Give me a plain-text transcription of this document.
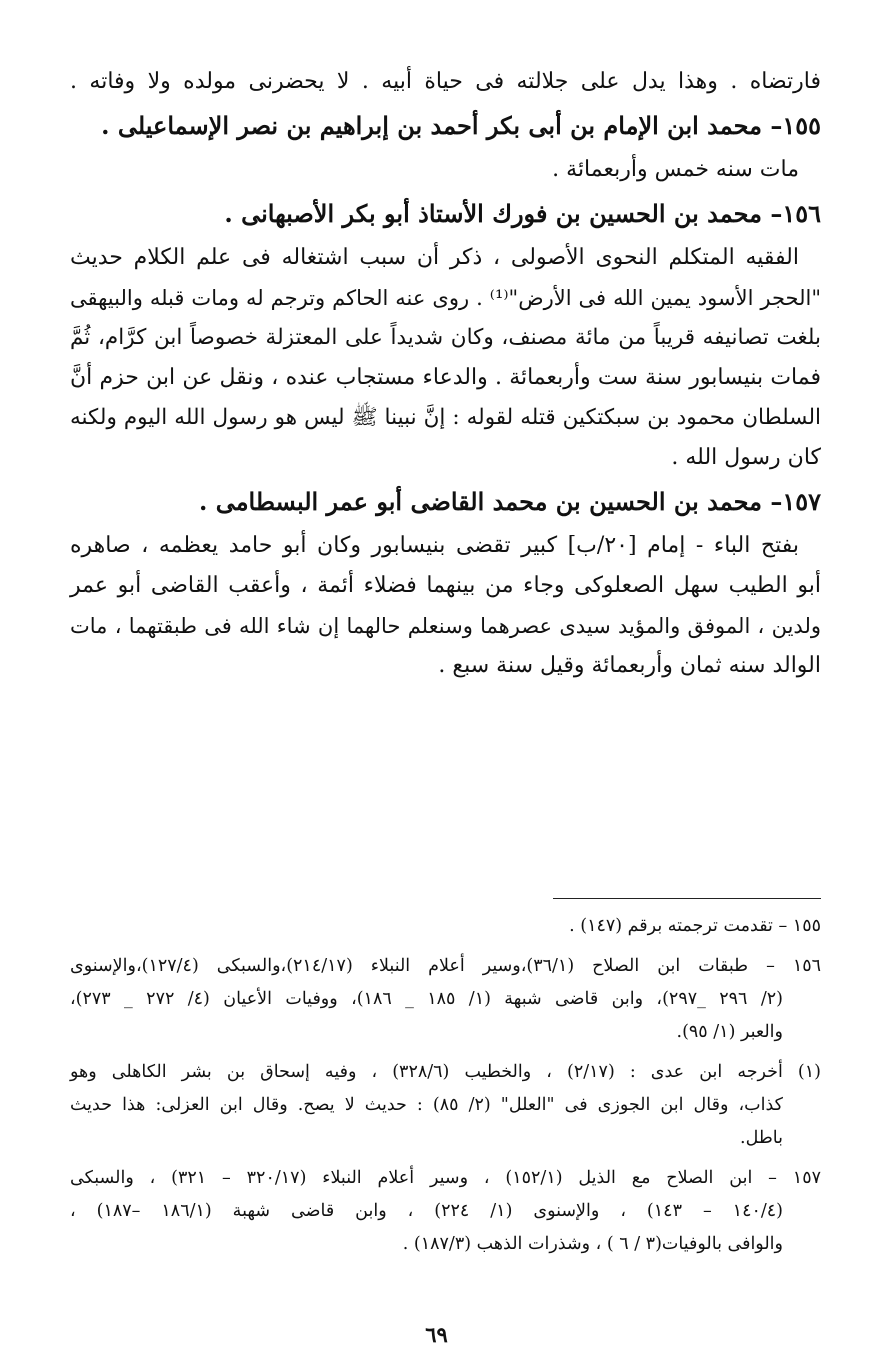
فارتضاه . وهذا يدل على جلالته فى حياة أبيه . لا يحضرنى مولده ولا وفاته .
١٥٥– محمد ابن الإمام بن أبى بكر أحمد بن إبراهيم بن نصر الإسماعيلى .
مات سنه خمس وأربعمائة .
١٥٦– محمد بن الحسين بن فورك الأستاذ أبو بكر الأصبهانى .
الفقيه المتكلم النحوى الأصولى ، ذكر أن سبب اشتغاله فى علم الكلام حديث
"الحجر الأسود يمين الله فى الأرض"⁽¹⁾ . روى عنه الحاكم وترجم له ومات قبله والبيهقى
بلغت تصانيفه قريباً من مائة مصنف، وكان شديداً على المعتزلة خصوصاً ابن كرَّام، ثُمَّ
فمات بنيسابور سنة ست وأربعمائة . والدعاء مستجاب عنده ، ونقل عن ابن حزم أنَّ
السلطان محمود بن سبكتكين قتله لقوله : إنَّ نبينا ﷺ ليس هو رسول الله اليوم ولكنه
كان رسول الله .
١٥٧– محمد بن الحسين بن محمد القاضى أبو عمر البسطامى .
بفتح الباء - إمام [٢٠/ب] كبير تقضى بنيسابور وكان أبو حامد يعظمه ، صاهره
أبو الطيب سهل الصعلوكى وجاء من بينهما فضلاء أئمة ، وأعقب القاضى أبو عمر
ولدين ، الموفق والمؤيد سيدى عصرهما وسنعلم حالهما إن شاء الله فى طبقتهما ، مات
الوالد سنه ثمان وأربعمائة وقيل سنة سبع .
١٥٥ – تقدمت ترجمته برقم (١٤٧) .
١٥٦ – طبقات ابن الصلاح (٣٦/١)،وسير أعلام النبلاء (٢١٤/١٧)،والسبكى (١٢٧/٤)،والإسنوى
(٢/ ٢٩٦ _٢٩٧)، وابن قاضى شبهة (١/ ١٨٥ _ ١٨٦)، ووفيات الأعيان (٤/ ٢٧٢ _ ٢٧٣)،
والعبر (١/ ٩٥).
(١) أخرجه ابن عدى : (٢/١٧) ، والخطيب (٣٢٨/٦) ، وفيه إسحاق بن بشر الكاهلى وهو
كذاب، وقال ابن الجوزى فى "العلل" (٢/ ٨٥) : حديث لا يصح. وقال ابن العزلى: هذا حديث
باطل.
١٥٧ – ابن الصلاح مع الذيل (١٥٢/١) ، وسير أعلام النبلاء (٣٢٠/١٧ – ٣٢١) ، والسبكى
(١٤٠/٤ – ١٤٣) ، والإسنوى (١/ ٢٢٤) ، وابن قاضى شهبة (١٨٦/١ –١٨٧) ،
والوافى بالوفيات(٣ / ٦ ) ، وشذرات الذهب (١٨٧/٣) .
٦٩
